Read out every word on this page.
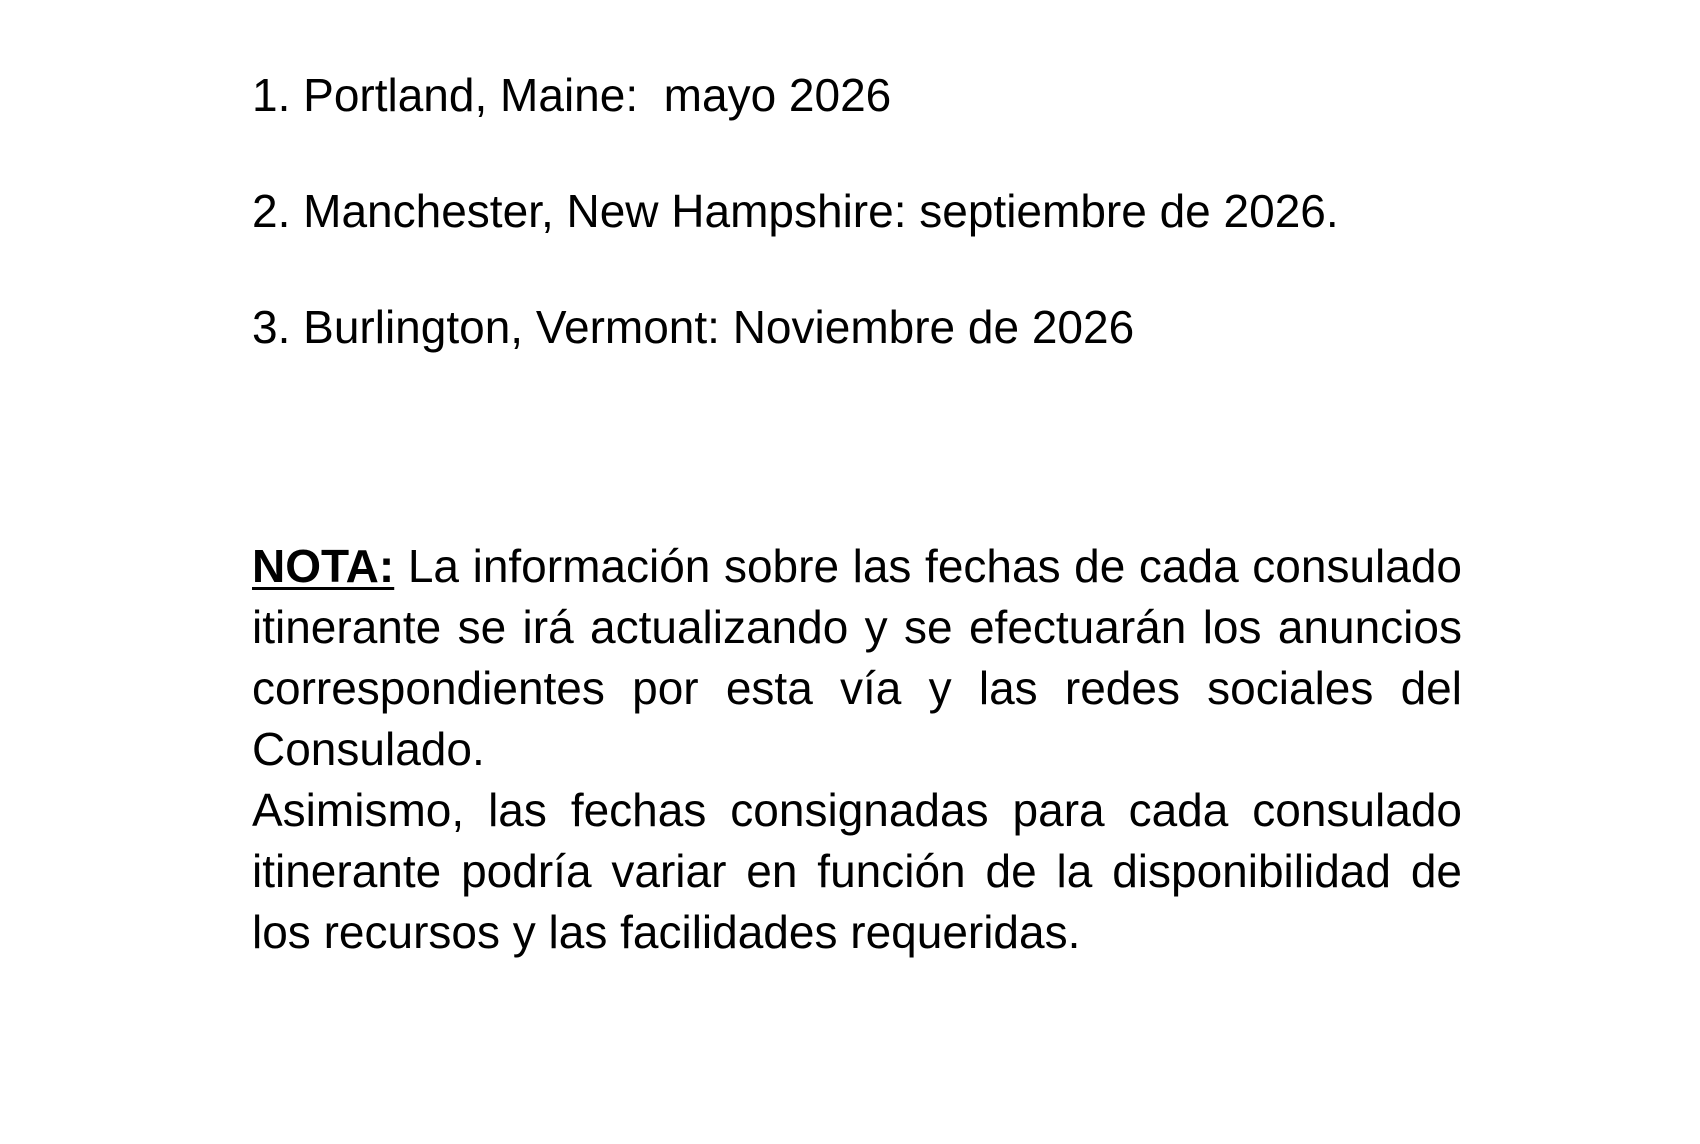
1. Portland, Maine:  mayo 2026
2. Manchester, New Hampshire: septiembre de 2026.
3. Burlington, Vermont: Noviembre de 2026

NOTA: La información sobre las fechas de cada consulado itinerante se irá actualizando y se efectuarán los anuncios correspondientes por esta vía y las redes sociales del Consulado.

Asimismo, las fechas consignadas para cada consulado itinerante podría variar en función de la disponibilidad de los recursos y las facilidades requeridas.
